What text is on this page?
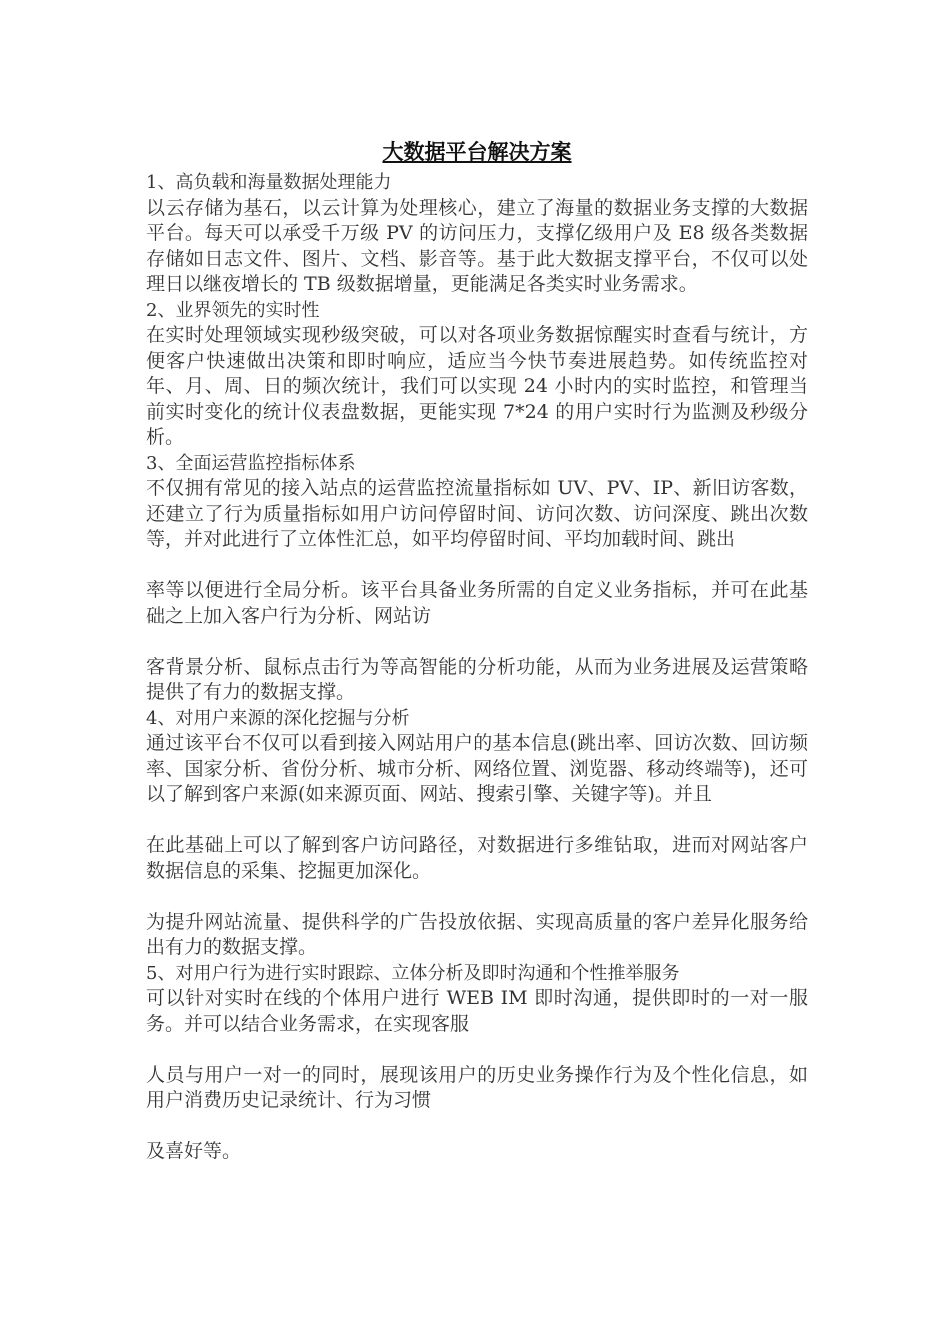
大数据平台解决方案

1、高负载和海量数据处理能力

以云存储为基石，以云计算为处理核心，建立了海量的数据业务支撑的大数据平台。每天可以承受千万级 PV 的访问压力，支撑亿级用户及 E8 级各类数据存储如日志文件、图片、文档、影音等。基于此大数据支撑平台，不仅可以处理日以继夜增长的 TB 级数据增量，更能满足各类实时业务需求。

2、业界领先的实时性

在实时处理领域实现秒级突破，可以对各项业务数据惊醒实时查看与统计，方便客户快速做出决策和即时响应，适应当今快节奏进展趋势。如传统监控对年、月、周、日的频次统计，我们可以实现 24 小时内的实时监控，和管理当前实时变化的统计仪表盘数据，更能实现 7*24 的用户实时行为监测及秒级分析。

3、全面运营监控指标体系

不仅拥有常见的接入站点的运营监控流量指标如 UV、PV、IP、新旧访客数，还建立了行为质量指标如用户访问停留时间、访问次数、访问深度、跳出次数等，并对此进行了立体性汇总，如平均停留时间、平均加载时间、跳出

率等以便进行全局分析。该平台具备业务所需的自定义业务指标，并可在此基础之上加入客户行为分析、网站访

客背景分析、鼠标点击行为等高智能的分析功能，从而为业务进展及运营策略提供了有力的数据支撑。

4、对用户来源的深化挖掘与分析

通过该平台不仅可以看到接入网站用户的基本信息(跳出率、回访次数、回访频率、国家分析、省份分析、城市分析、网络位置、浏览器、移动终端等)，还可以了解到客户来源(如来源页面、网站、搜索引擎、关键字等)。并且

在此基础上可以了解到客户访问路径，对数据进行多维钻取，进而对网站客户数据信息的采集、挖掘更加深化。

为提升网站流量、提供科学的广告投放依据、实现高质量的客户差异化服务给出有力的数据支撑。

5、对用户行为进行实时跟踪、立体分析及即时沟通和个性推举服务

可以针对实时在线的个体用户进行 WEB IM 即时沟通，提供即时的一对一服务。并可以结合业务需求，在实现客服

人员与用户一对一的同时，展现该用户的历史业务操作行为及个性化信息，如用户消费历史记录统计、行为习惯

及喜好等。
